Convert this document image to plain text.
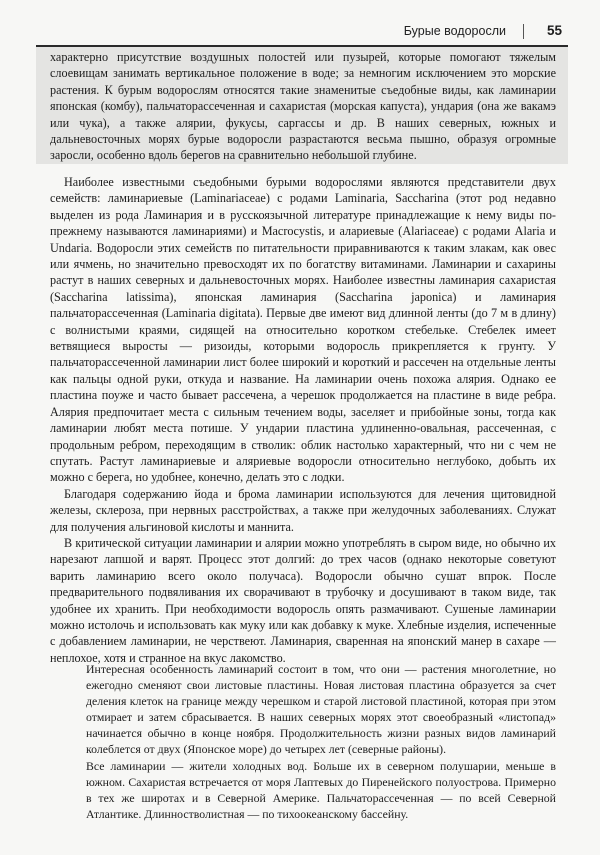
Бурые водоросли	55

характерно присутствие воздушных полостей или пузырей, которые помогают тяжелым слоевищам занимать вертикальное положение в воде; за немногим исключением это морские растения. К бурым водорослям относятся такие знаменитые съедобные виды, как ламинарии японская (комбу), пальчаторассеченная и сахаристая (морская капуста), ундария (она же вакамэ или чука), а также алярии, фукусы, саргассы и др. В наших северных, южных и дальневосточных морях бурые водоросли разрастаются весьма пышно, образуя огромные заросли, особенно вдоль берегов на сравнительно небольшой глубине.

Наиболее известными съедобными бурыми водорослями являются представители двух семейств: ламинариевые (Laminariaceae) с родами Laminaria, Saccharina (этот род недавно выделен из рода Ламинария и в русскоязычной литературе принадлежащие к нему виды по-прежнему называются ламинариями) и Macrocystis, и алариевые (Alariaceae) с родами Alaria и Undaria. Водоросли этих семейств по питательности приравниваются к таким злакам, как овес или ячмень, но значительно превосходят их по богатству витаминами. Ламинарии и сахарины растут в наших северных и дальневосточных морях. Наиболее известны ламинария сахаристая (Saccharina latissima), японская ламинария (Saccharina japonica) и ламинария пальчаторассеченная (Laminaria digitata). Первые две имеют вид длинной ленты (до 7 м в длину) с волнистыми краями, сидящей на относительно коротком стебельке. Стебелек имеет ветвящиеся выросты — ризоиды, которыми водоросль прикрепляется к грунту. У пальчаторассеченной ламинарии лист более широкий и короткий и рассечен на отдельные ленты как пальцы одной руки, откуда и название. На ламинарии очень похожа алярия. Однако ее пластина поуже и часто бывает рассечена, а черешок продолжается на пластине в виде ребра. Алярия предпочитает места с сильным течением воды, заселяет и прибойные зоны, тогда как ламинарии любят места потише. У ундарии пластина удлиненно-овальная, рассеченная, с продольным ребром, переходящим в стволик: облик настолько характерный, что ни с чем не спутать. Растут ламинариевые и аляриевые водоросли относительно неглубоко, добыть их можно с берега, но удобнее, конечно, делать это с лодки.

Благодаря содержанию йода и брома ламинарии используются для лечения щитовидной железы, склероза, при нервных расстройствах, а также при желудочных заболеваниях. Служат для получения альгиновой кислоты и маннита.

В критической ситуации ламинарии и алярии можно употреблять в сыром виде, но обычно их нарезают лапшой и варят. Процесс этот долгий: до трех часов (однако некоторые советуют варить ламинарию всего около получаса). Водоросли обычно сушат впрок. После предварительного подвяливания их сворачивают в трубочку и досушивают в таком виде, так удобнее их хранить. При необходимости водоросль опять размачивают. Сушеные ламинарии можно истолочь и использовать как муку или как добавку к муке. Хлебные изделия, испеченные с добавлением ламинарии, не черствеют. Ламинария, сваренная на японский манер в сахаре — неплохое, хотя и странное на вкус лакомство.

Интересная особенность ламинарий состоит в том, что они — растения многолетние, но ежегодно сменяют свои листовые пластины. Новая листовая пластина образуется за счет деления клеток на границе между черешком и старой листовой пластиной, которая при этом отмирает и затем сбрасывается. В наших северных морях этот своеобразный «листопад» начинается обычно в конце ноября. Продолжительность жизни разных видов ламинарий колеблется от двух (Японское море) до четырех лет (северные районы).

Все ламинарии — жители холодных вод. Больше их в северном полушарии, меньше в южном. Сахаристая встречается от моря Лаптевых до Пиренейского полуострова. Примерно в тех же широтах и в Северной Америке. Пальчаторассеченная — по всей Северной Атлантике. Длинностволистная — по тихоокеанскому бассейну.
